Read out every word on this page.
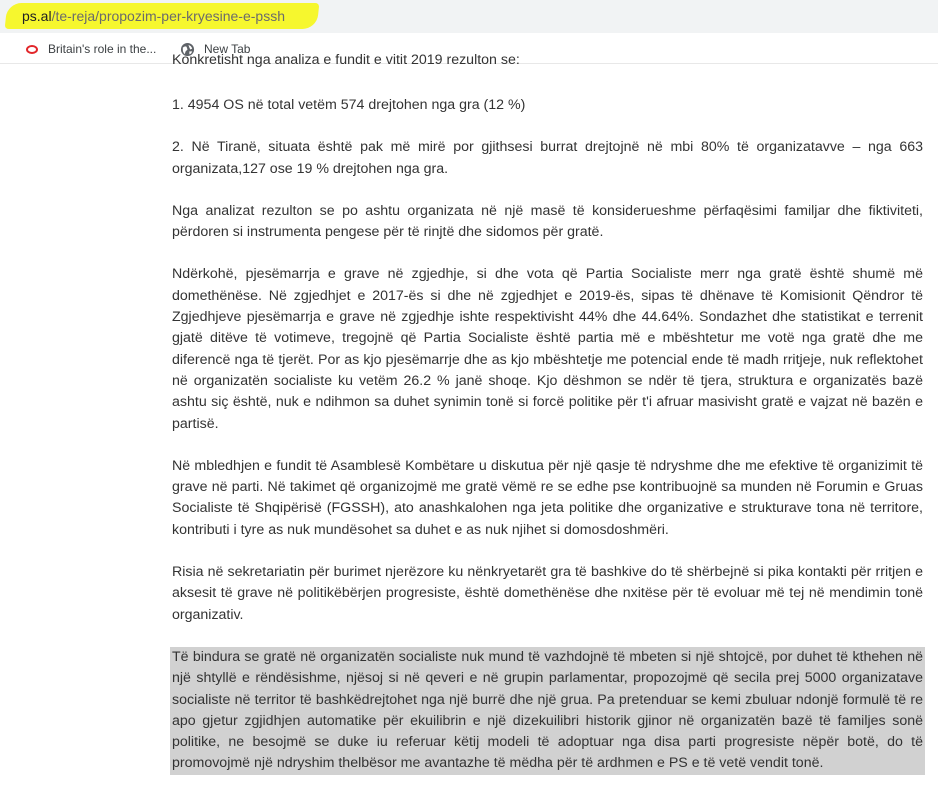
ps.al/te-reja/propozim-per-kryesine-e-pssh
Britain's role in the...	New Tab
Konkretisht nga analiza e fundit e vitit 2019 rezulton se:

1. 4954 OS në total vetëm 574 drejtohen nga gra (12 %)

2. Në Tiranë, situata është pak më mirë por gjithsesi burrat drejtojnë në mbi 80% të organizatavve – nga 663 organizata,127 ose 19 % drejtohen nga gra.

Nga analizat rezulton se po ashtu organizata në një masë të konsiderueshme përfaqësimi familjar dhe fiktiviteti, përdoren si instrumenta pengese për të rinjtë dhe sidomos për gratë.

Ndërkohë, pjesëmarrja e grave në zgjedhje, si dhe vota që Partia Socialiste merr nga gratë është shumë më domethënëse. Në zgjedhjet e 2017-ës si dhe në zgjedhjet e 2019-ës, sipas të dhënave të Komisionit Qëndror të Zgjedhjeve pjesëmarrja e grave në zgjedhje ishte respektivisht 44% dhe 44.64%. Sondazhet dhe statistikat e terrenit gjatë ditëve të votimeve, tregojnë që Partia Socialiste është partia më e mbështetur me votë nga gratë dhe me diferencë nga të tjerët. Por as kjo pjesëmarrje dhe as kjo mbështetje me potencial ende të madh rritjeje, nuk reflektohet në organizatën socialiste ku vetëm 26.2 % janë shoqe. Kjo dëshmon se ndër të tjera, struktura e organizatës bazë ashtu siç është, nuk e ndihmon sa duhet synimin tonë si forcë politike për t'i afruar masivisht gratë e vajzat në bazën e partisë.

Në mbledhjen e fundit të Asamblesë Kombëtare u diskutua për një qasje të ndryshme dhe me efektive të organizimit të grave në parti. Në takimet që organizojmë me gratë vëmë re se edhe pse kontribuojnë sa munden në Forumin e Gruas Socialiste të Shqipërisë (FGSSH), ato anashkalohen nga jeta politike dhe organizative e strukturave tona në territore, kontributi i tyre as nuk mundësohet sa duhet e as nuk njihet si domosdoshmëri.

Risia në sekretariatin për burimet njerëzore ku nënkryetarët gra të bashkive do të shërbejnë si pika kontakti për rritjen e aksesit të grave në politikëbërjen progresiste, është domethënëse dhe nxitëse për të evoluar më tej në mendimin tonë organizativ.

Të bindura se gratë në organizatën socialiste nuk mund të vazhdojnë të mbeten si një shtojcë, por duhet të kthehen në një shtyllë e rëndësishme, njësoj si në qeveri e në grupin parlamentar, propozojmë që secila prej 5000 organizatave socialiste në territor të bashkëdrejtohet nga një burrë dhe një grua. Pa pretenduar se kemi zbuluar ndonjë formulë të re apo gjetur zgjidhjen automatike për ekuilibrin e një dizekuilibri historik gjinor në organizatën bazë të familjes sonë politike, ne besojmë se duke iu referuar këtij modeli të adoptuar nga disa parti progresiste nëpër botë, do të promovojmë një ndryshim thelbësor me avantazhe të mëdha për të ardhmen e PS e të vetë vendit tonë.
